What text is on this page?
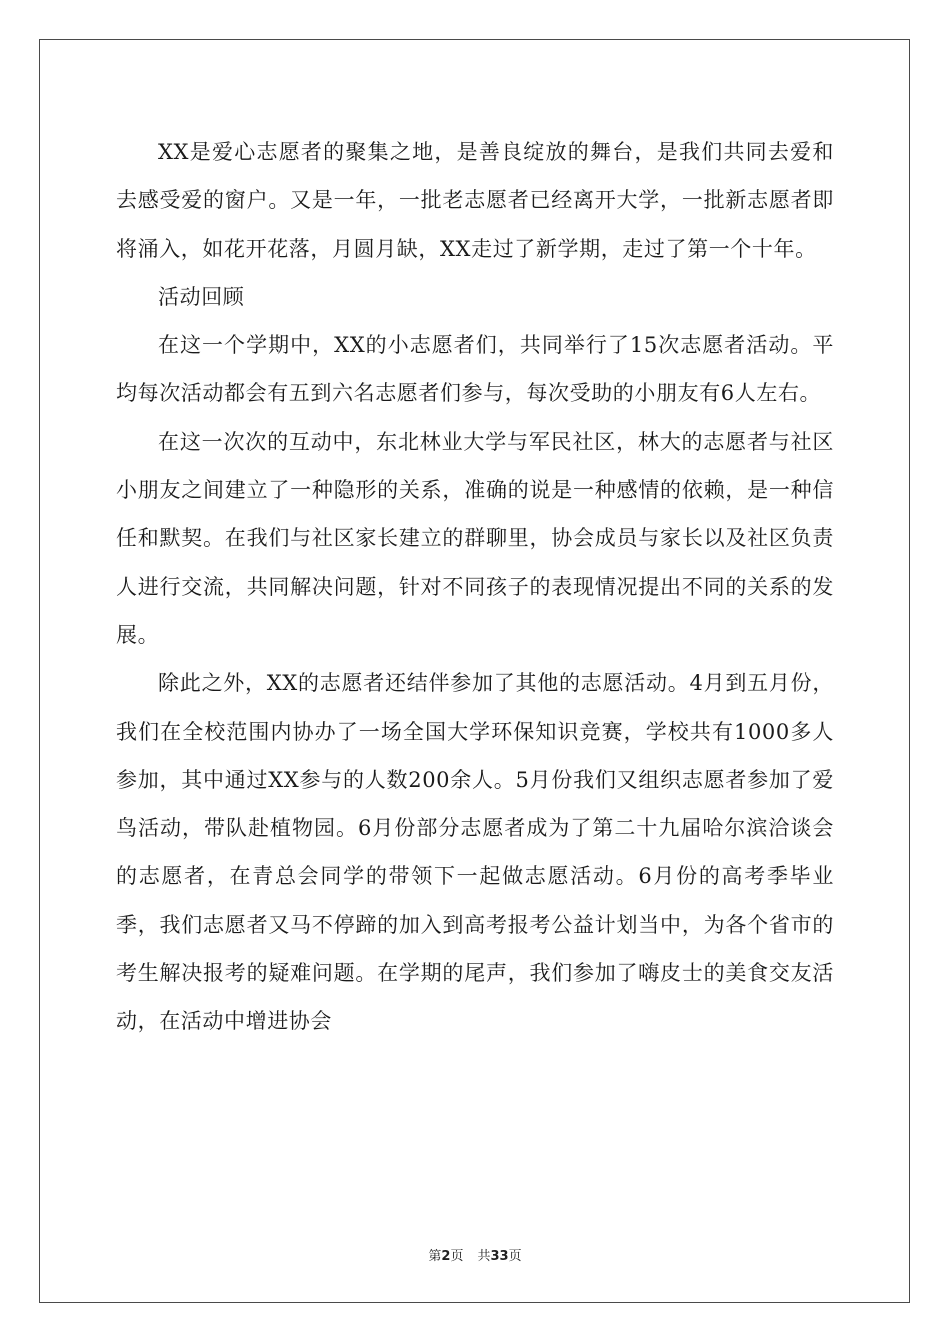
XX是爱心志愿者的聚集之地，是善良绽放的舞台，是我们共同去爱和去感受爱的窗户。又是一年，一批老志愿者已经离开大学，一批新志愿者即将涌入，如花开花落，月圆月缺，XX走过了新学期，走过了第一个十年。

活动回顾

在这一个学期中，XX的小志愿者们，共同举行了15次志愿者活动。平均每次活动都会有五到六名志愿者们参与，每次受助的小朋友有6人左右。

在这一次次的互动中，东北林业大学与军民社区，林大的志愿者与社区小朋友之间建立了一种隐形的关系，准确的说是一种感情的依赖，是一种信任和默契。在我们与社区家长建立的群聊里，协会成员与家长以及社区负责人进行交流，共同解决问题，针对不同孩子的表现情况提出不同的关系的发展。

除此之外，XX的志愿者还结伴参加了其他的志愿活动。4月到五月份，我们在全校范围内协办了一场全国大学环保知识竞赛，学校共有1000多人参加，其中通过XX参与的人数200余人。5月份我们又组织志愿者参加了爱鸟活动，带队赴植物园。6月份部分志愿者成为了第二十九届哈尔滨洽谈会的志愿者，在青总会同学的带领下一起做志愿活动。6月份的高考季毕业季，我们志愿者又马不停蹄的加入到高考报考公益计划当中，为各个省市的考生解决报考的疑难问题。在学期的尾声，我们参加了嗨皮士的美食交友活动，在活动中增进协会

第2页 共33页
